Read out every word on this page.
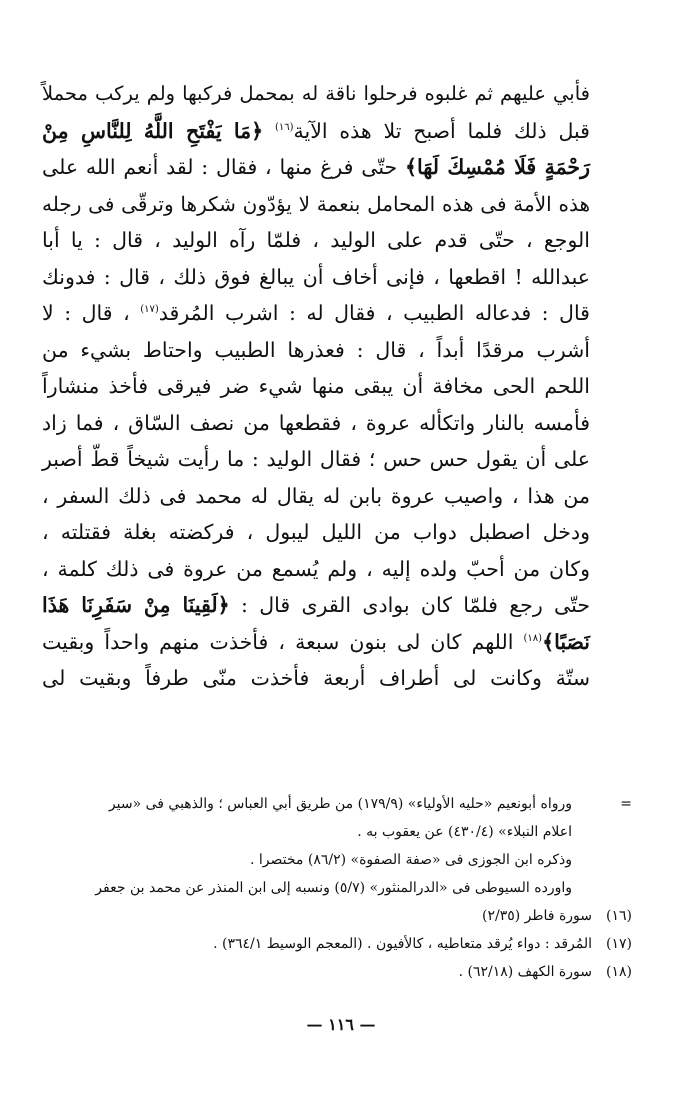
فأبي عليهم ثم غلبوه فرحلوا ناقة له بمحمل فركبها ولم يركب محملاً
قبل ذلك فلما أصبح تلا هذه الآية$^{(١٦)}$ ﴿مَا يَفْتَحِ اللَّهُ لِلنَّاسِ مِنْ
رَحْمَةٍ فَلَا مُمْسِكَ لَهَا﴾ حتّى فرغ منها ، فقال : لقد أنعم الله على
هذه الأمة فى هذه المحامل بنعمة لا يؤدّون شكرها وترقّى فى رجله
الوجع ، حتّى قدم على الوليد ، فلمّا رآه الوليد ، قال : يا أبا
عبدالله ! اقطعها ، فإنى أخاف أن يبالغ فوق ذلك ، قال : فدونك
قال : فدعاله الطبيب ، فقال له : اشرب المُرقد$^{(١٧)}$ ، قال : لا
أشرب مرقدًا أبداً ، قال : فعذرها الطبيب واحتاط بشيء من
اللحم الحى مخافة أن يبقى منها شيء ضر فيرقى فأخذ منشاراً
فأمسه بالنار واتكأله عروة ، فقطعها من نصف السّاق ، فما زاد
على أن يقول حس حس ؛ فقال الوليد : ما رأيت شيخاً قطّ أصبر
من هذا ، واصيب عروة بابن له يقال له محمد فى ذلك السفر ،
ودخل اصطبل دواب من الليل ليبول ، فركضته بغلة فقتلته ،
وكان من أحبّ ولده إليه ، ولم يُسمع من عروة فى ذلك كلمة ،
حتّى رجع فلمّا كان بوادى القرى قال : ﴿لَقِينَا مِنْ سَفَرِنَا هَذَا
نَصَبًا﴾$^{(١٨)}$ اللهم كان لى بنون سبعة ، فأخذت منهم واحداً وبقيت
ستّة وكانت لى أطراف أربعة فأخذت منّى طرفاً وبقيت لى
=
ورواه أبونعيم «حليه الأولياء» (١٧٩/٩) من طريق أبي العباس ؛ والذهبي فى «سير
اعلام النبلاء» (٤٣٠/٤) عن يعقوب به .
وذكره ابن الجوزى فى «صفة الصفوة» (٨٦/٢) مختصرا .
واورده السيوطى فى «الدرالمنثور» (٥/٧) ونسبه إلى ابن المنذر عن محمد بن جعفر
(١٦)سورة فاطر (٢/٣٥)
(١٧)المُرقد : دواء يُرقد متعاطيه ، كالأفيون . (المعجم الوسيط ٣٦٤/١) .
(١٨)سورة الكهف (٦٢/١٨) .
— ١١٦ —
